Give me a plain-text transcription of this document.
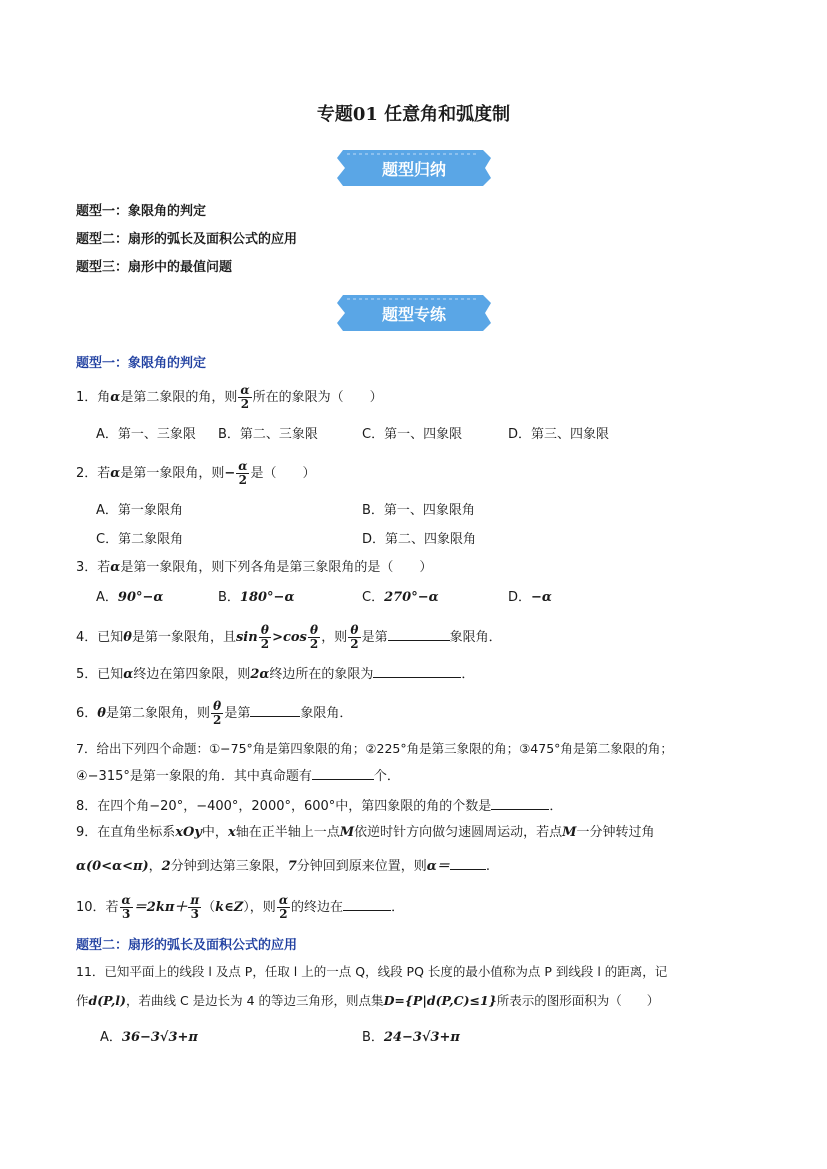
专题01 任意角和弧度制
题型归纳
题型一：象限角的判定
题型二：扇形的弧长及面积公式的应用
题型三：扇形中的最值问题
题型专练
题型一：象限角的判定
1．角α是第二象限的角，则 $\frac{\alpha}{2}$ 所在的象限为（　　）
A．第一、三象限 B．第二、三象限	C．第一、四象限	D．第三、四象限
2．若α是第一象限角，则− $\frac{\alpha}{2}$ 是（　　）
A．第一象限角	B．第一、四象限角
C．第二象限角	D．第二、四象限角
3．若α是第一象限角，则下列各角是第三象限角的是（　　）
A．90°−α	B．180°−α	C．270°−α	D．−α
4．已知θ是第一象限角，且$\sin \frac{\theta}{2} >\cos \frac{\theta}{2}$ ，则 $\frac{\theta}{2}$ 是第	象限角．
5．已知α终边在第四象限，则2α终边所在的象限为	．
6．θ是第二象限角，则 $\frac{\theta}{2}$ 是第	象限角．
7．给出下列四个命题：①−75°角是第四象限的角；②225°角是第三象限的角；③475°角是第二象限的角；
④−315°是第一象限的角．其中真命题有	个．
8．在四个角−20°，−400°，2000°，600°中，第四象限的角的个数是	．
9．在直角坐标系xOy中，x轴在正半轴上一点M依逆时针方向做匀速圆周运动，若点M一分钟转过角
α(0<α<π)，2分钟到达第三象限，7分钟回到原来位置，则α＝	.
10．若 $\frac{\alpha}{3} =2k\pi+ \frac{\pi}{3}$ （k∈Z），则 $\frac{\alpha}{2}$ 的终边在	．
题型二：扇形的弧长及面积公式的应用
11．已知平面上的线段 l 及点 P，任取 l 上的一点 Q，线段 PQ 长度的最小值称为点 P 到线段 l 的距离，记
作d(P,l)，若曲线 C 是边长为 4 的等边三角形，则点集D={P|d(P,C)≤1}所表示的图形面积为（　　）
A．36−3√3+π	B．24−3√3+π
